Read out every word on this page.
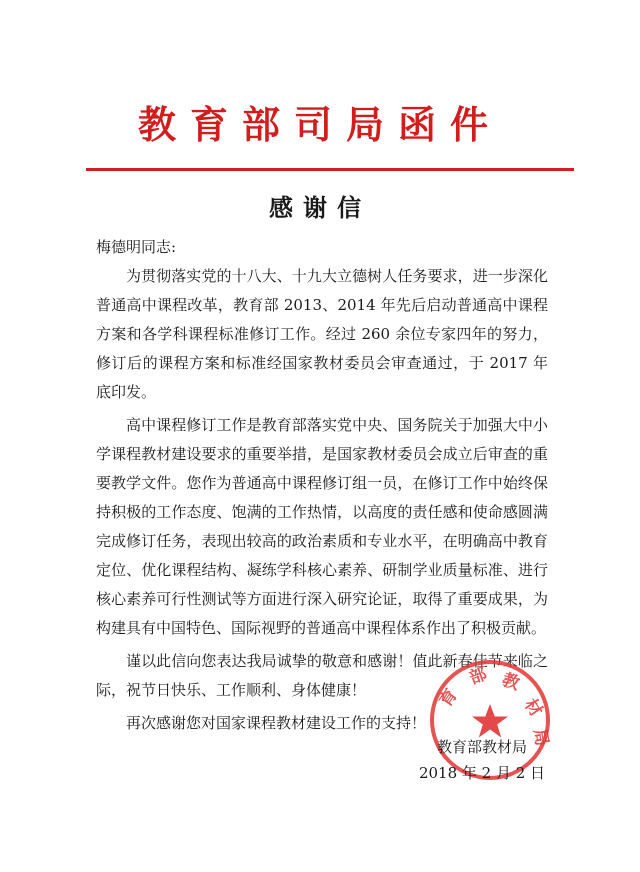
教育部司局函件
感谢信
梅德明同志:

为贯彻落实党的十八大、十九大立德树人任务要求，进一步深化普通高中课程改革，教育部 2013、2014 年先后启动普通高中课程方案和各学科课程标准修订工作。经过 260 余位专家四年的努力，修订后的课程方案和标准经国家教材委员会审查通过，于 2017 年底印发。

高中课程修订工作是教育部落实党中央、国务院关于加强大中小学课程教材建设要求的重要举措，是国家教材委员会成立后审查的重要教学文件。您作为普通高中课程修订组一员，在修订工作中始终保持积极的工作态度、饱满的工作热情，以高度的责任感和使命感圆满完成修订任务，表现出较高的政治素质和专业水平，在明确高中教育定位、优化课程结构、凝练学科核心素养、研制学业质量标准、进行核心素养可行性测试等方面进行深入研究论证，取得了重要成果，为构建具有中国特色、国际视野的普通高中课程体系作出了积极贡献。

谨以此信向您表达我局诚挚的敬意和感谢！值此新春佳节来临之际，祝节日快乐、工作顺利、身体健康！

再次感谢您对国家课程教材建设工作的支持！

育
部 教
材
局
教育部教材局
2018 年 2 月 2 日
